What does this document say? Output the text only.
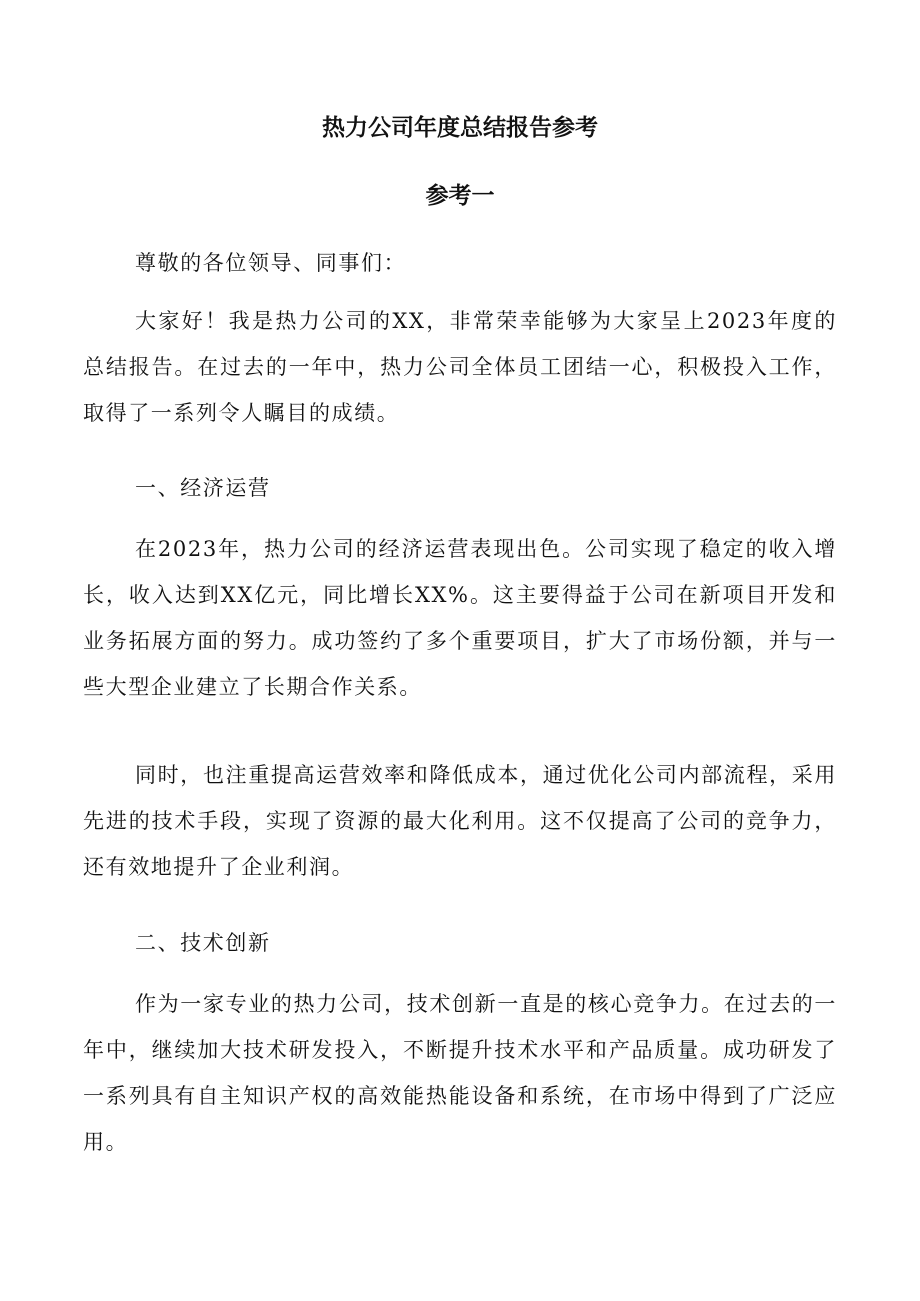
热力公司年度总结报告参考
参考一

尊敬的各位领导、同事们：

大家好！我是热力公司的XX，非常荣幸能够为大家呈上2023年度的总结报告。在过去的一年中，热力公司全体员工团结一心，积极投入工作，取得了一系列令人瞩目的成绩。

一、经济运营

在2023年，热力公司的经济运营表现出色。公司实现了稳定的收入增长，收入达到XX亿元，同比增长XX%。这主要得益于公司在新项目开发和业务拓展方面的努力。成功签约了多个重要项目，扩大了市场份额，并与一些大型企业建立了长期合作关系。

同时，也注重提高运营效率和降低成本，通过优化公司内部流程，采用先进的技术手段，实现了资源的最大化利用。这不仅提高了公司的竞争力，还有效地提升了企业利润。

二、技术创新

作为一家专业的热力公司，技术创新一直是的核心竞争力。在过去的一年中，继续加大技术研发投入，不断提升技术水平和产品质量。成功研发了一系列具有自主知识产权的高效能热能设备和系统，在市场中得到了广泛应用。
